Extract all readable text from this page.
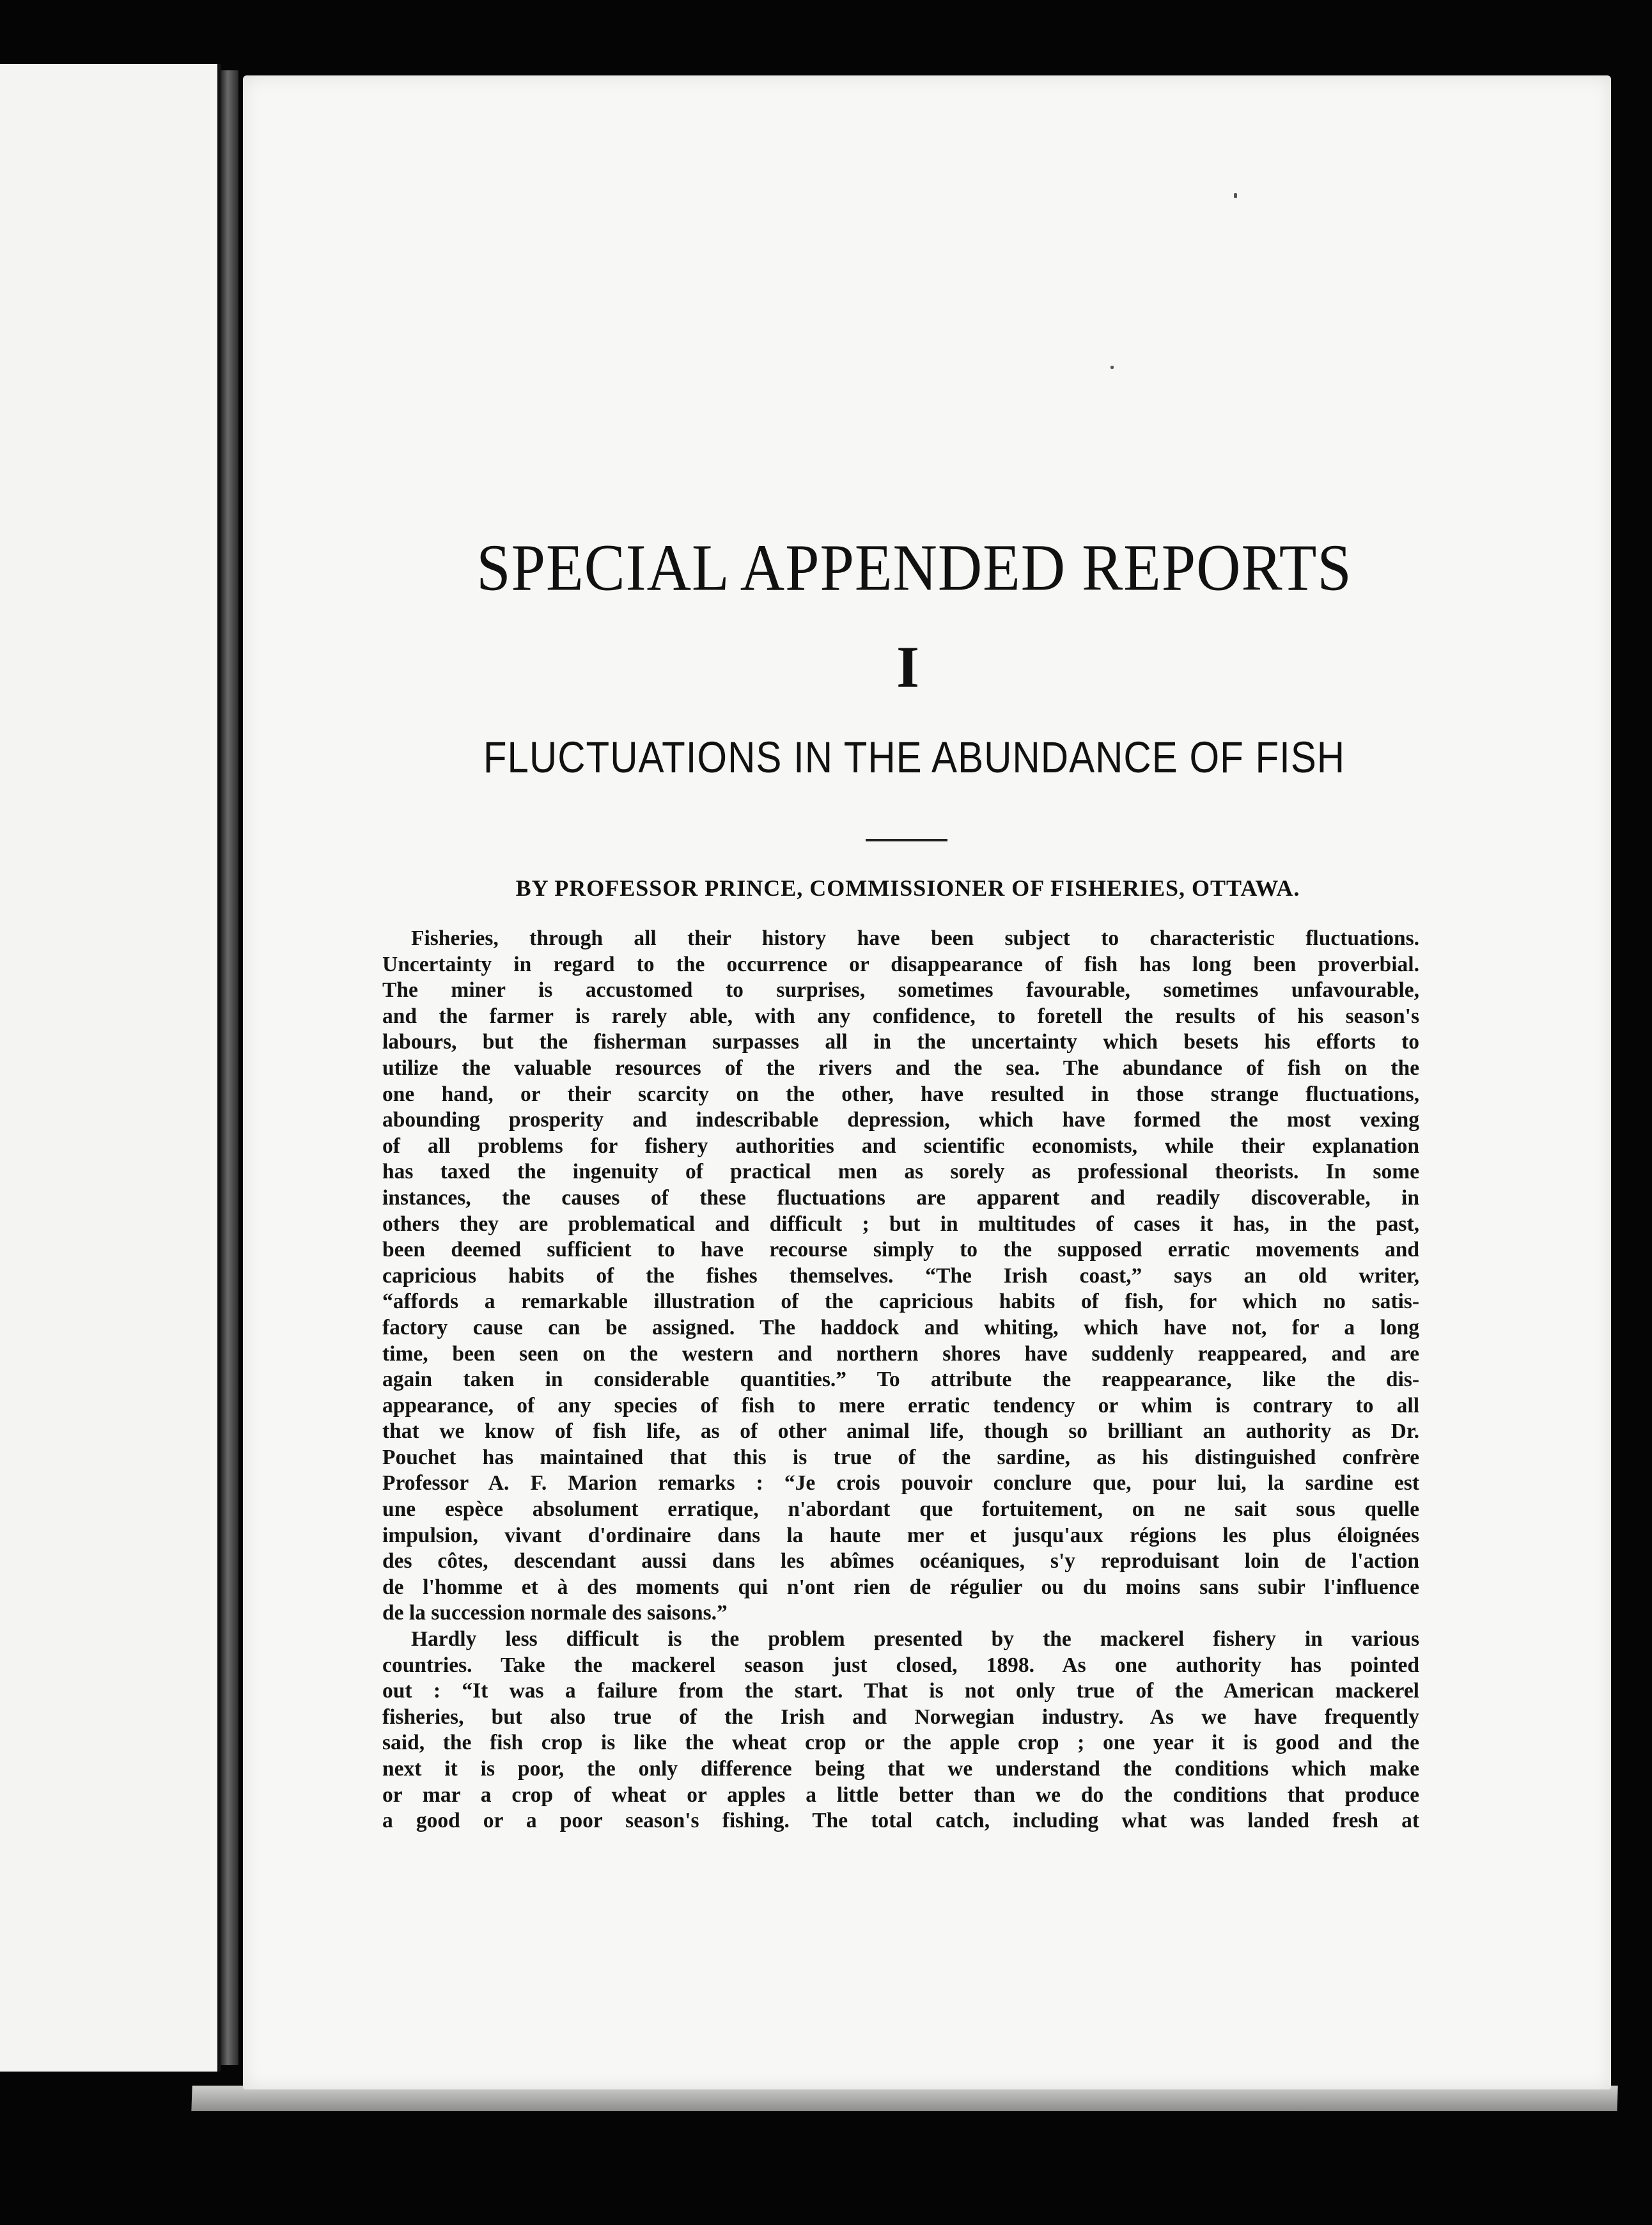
SPECIAL APPENDED REPORTS
I
FLUCTUATIONS IN THE ABUNDANCE OF FISH
BY PROFESSOR PRINCE, COMMISSIONER OF FISHERIES, OTTAWA.
Fisheries, through all their history have been subject to characteristic fluctuations.
Uncertainty in regard to the occurrence or disappearance of fish has long been proverbial.
The miner is accustomed to surprises, sometimes favourable, sometimes unfavourable,
and the farmer is rarely able, with any confidence, to foretell the results of his season's
labours, but the fisherman surpasses all in the uncertainty which besets his efforts to
utilize the valuable resources of the rivers and the sea. The abundance of fish on the
one hand, or their scarcity on the other, have resulted in those strange fluctuations,
abounding prosperity and indescribable depression, which have formed the most vexing
of all problems for fishery authorities and scientific economists, while their explanation
has taxed the ingenuity of practical men as sorely as professional theorists. In some
instances, the causes of these fluctuations are apparent and readily discoverable, in
others they are problematical and difficult ; but in multitudes of cases it has, in the past,
been deemed sufficient to have recourse simply to the supposed erratic movements and
capricious habits of the fishes themselves. “The Irish coast,” says an old writer,
“affords a remarkable illustration of the capricious habits of fish, for which no satis-
factory cause can be assigned. The haddock and whiting, which have not, for a long
time, been seen on the western and northern shores have suddenly reappeared, and are
again taken in considerable quantities.” To attribute the reappearance, like the dis-
appearance, of any species of fish to mere erratic tendency or whim is contrary to all
that we know of fish life, as of other animal life, though so brilliant an authority as Dr.
Pouchet has maintained that this is true of the sardine, as his distinguished confrère
Professor A. F. Marion remarks : “Je crois pouvoir conclure que, pour lui, la sardine est
une espèce absolument erratique, n'abordant que fortuitement, on ne sait sous quelle
impulsion, vivant d'ordinaire dans la haute mer et jusqu'aux régions les plus éloignées
des côtes, descendant aussi dans les abîmes océaniques, s'y reproduisant loin de l'action
de l'homme et à des moments qui n'ont rien de régulier ou du moins sans subir l'influence
de la succession normale des saisons.”
Hardly less difficult is the problem presented by the mackerel fishery in various
countries. Take the mackerel season just closed, 1898. As one authority has pointed
out : “It was a failure from the start. That is not only true of the American mackerel
fisheries, but also true of the Irish and Norwegian industry. As we have frequently
said, the fish crop is like the wheat crop or the apple crop ; one year it is good and the
next it is poor, the only difference being that we understand the conditions which make
or mar a crop of wheat or apples a little better than we do the conditions that produce
a good or a poor season's fishing. The total catch, including what was landed fresh at
